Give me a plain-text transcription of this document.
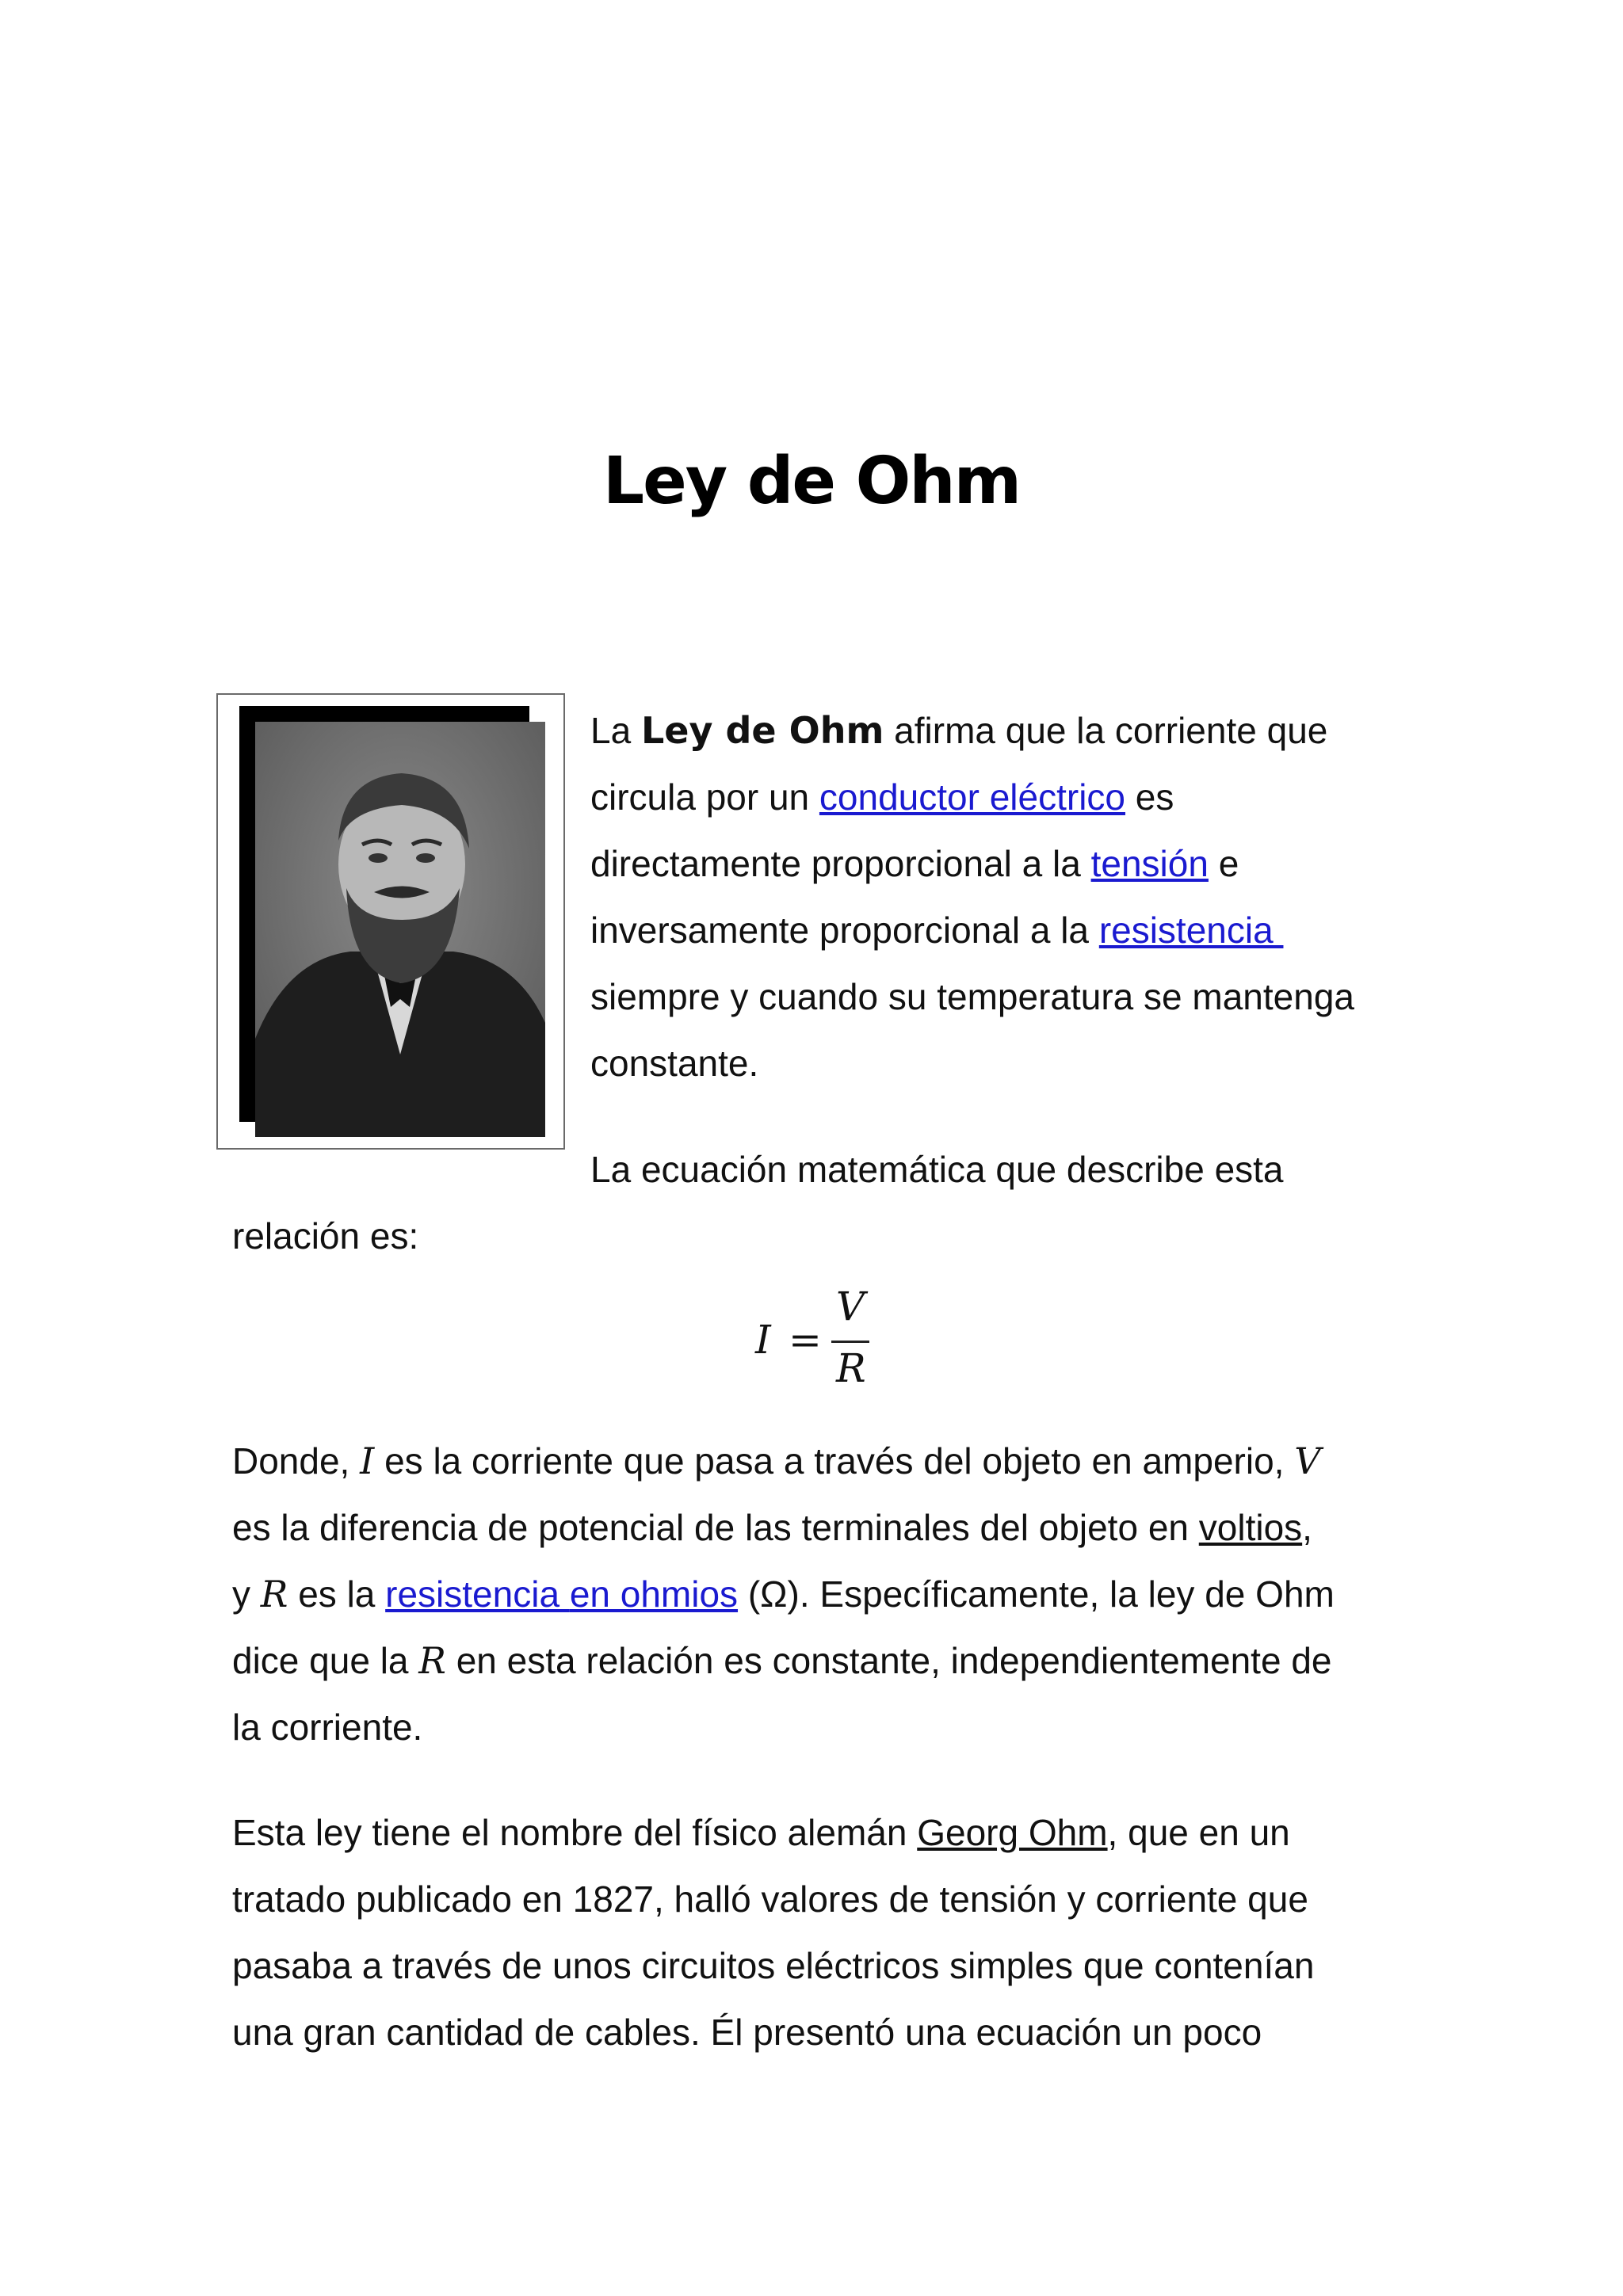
Ley de Ohm

La Ley de Ohm afirma que la corriente que
circula por un conductor eléctrico es
directamente proporcional a la tensión e
inversamente proporcional a la resistencia
siempre y cuando su temperatura se mantenga
constante.

La ecuación matemática que describe esta

relación es:

I =
V
R

Donde, I es la corriente que pasa a través del objeto en amperio, V
es la diferencia de potencial de las terminales del objeto en voltios,
y R es la resistencia en ohmios (Ω). Específicamente, la ley de Ohm
dice que la R en esta relación es constante, independientemente de
la corriente.

Esta ley tiene el nombre del físico alemán Georg Ohm, que en un
tratado publicado en 1827, halló valores de tensión y corriente que
pasaba a través de unos circuitos eléctricos simples que contenían
una gran cantidad de cables. Él presentó una ecuación un poco
